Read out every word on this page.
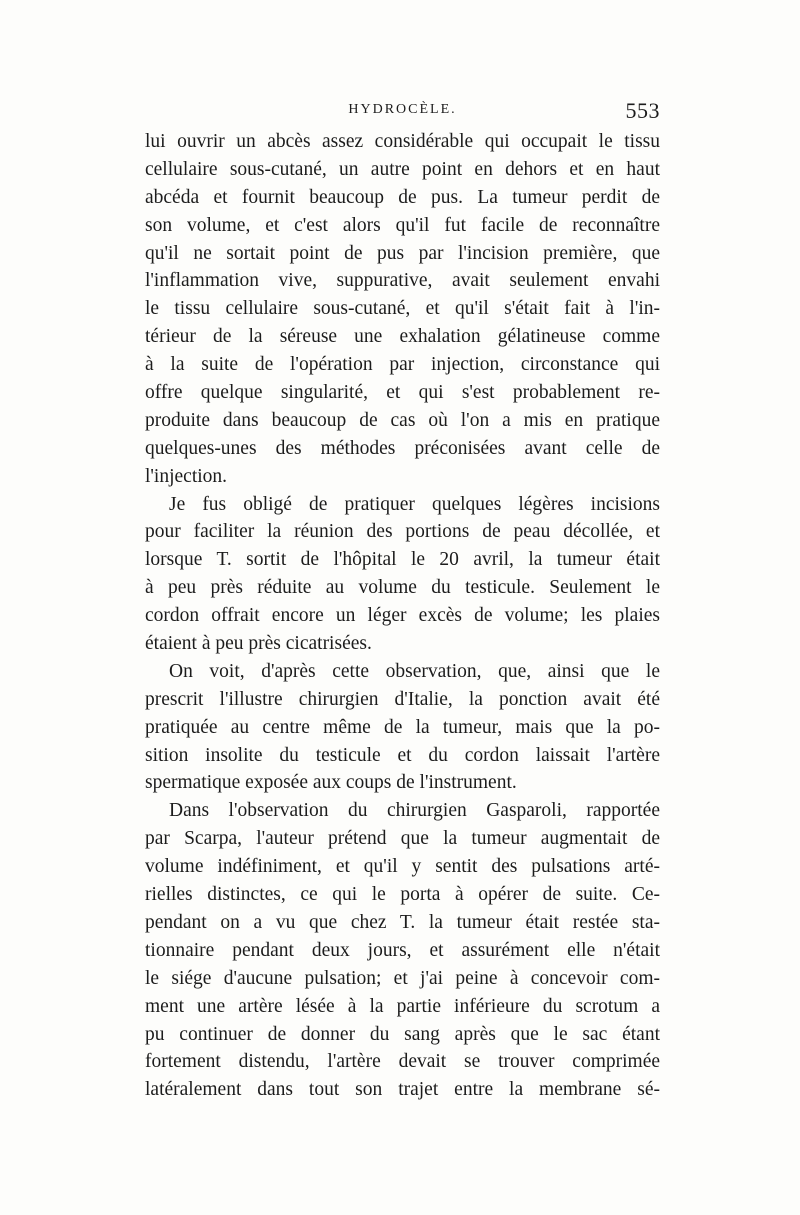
HYDROCÈLE.	553
lui ouvrir un abcès assez considérable qui occupait le tissu
cellulaire sous-cutané, un autre point en dehors et en haut
abcéda et fournit beaucoup de pus. La tumeur perdit de
son volume, et c'est alors qu'il fut facile de reconnaître
qu'il ne sortait point de pus par l'incision première, que
l'inflammation vive, suppurative, avait seulement envahi
le tissu cellulaire sous-cutané, et qu'il s'était fait à l'in-
térieur de la séreuse une exhalation gélatineuse comme
à la suite de l'opération par injection, circonstance qui
offre quelque singularité, et qui s'est probablement re-
produite dans beaucoup de cas où l'on a mis en pratique
quelques-unes des méthodes préconisées avant celle de
l'injection.
Je fus obligé de pratiquer quelques légères incisions
pour faciliter la réunion des portions de peau décollée, et
lorsque T. sortit de l'hôpital le 20 avril, la tumeur était
à peu près réduite au volume du testicule. Seulement le
cordon offrait encore un léger excès de volume; les plaies
étaient à peu près cicatrisées.
On voit, d'après cette observation, que, ainsi que le
prescrit l'illustre chirurgien d'Italie, la ponction avait été
pratiquée au centre même de la tumeur, mais que la po-
sition insolite du testicule et du cordon laissait l'artère
spermatique exposée aux coups de l'instrument.
Dans l'observation du chirurgien Gasparoli, rapportée
par Scarpa, l'auteur prétend que la tumeur augmentait de
volume indéfiniment, et qu'il y sentit des pulsations arté-
rielles distinctes, ce qui le porta à opérer de suite. Ce-
pendant on a vu que chez T. la tumeur était restée sta-
tionnaire pendant deux jours, et assurément elle n'était
le siége d'aucune pulsation; et j'ai peine à concevoir com-
ment une artère lésée à la partie inférieure du scrotum a
pu continuer de donner du sang après que le sac étant
fortement distendu, l'artère devait se trouver comprimée
latéralement dans tout son trajet entre la membrane sé-
